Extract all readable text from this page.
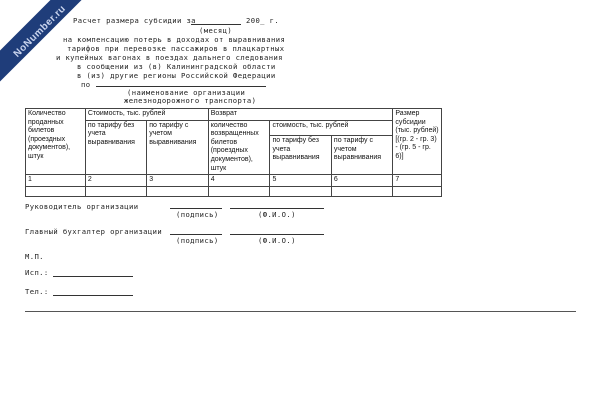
NoNumber.ru Расчет размера субсидии за	200_ г.
(месяц)
на компенсацию потерь в доходах от выравнивания
тарифов при перевозке пассажиров в плацкартных
и купейных вагонах в поездах дальнего следования
в сообщении из (в) Калининградской области
в (из) другие регионы Российской Федерации
по
(наименование организации
железнодорожного транспорта)
Количество проданных билетов (проездных документов), штук	Стоимость, тыс. рублей		Возврат			Размер субсидии (тыс. рублей) [(гр. 2 - гр. 3) - (гр. 5 - гр. 6)]
	по тарифу без учета выравнивания	по тарифу с учетом выравнивания	количество возвращенных билетов (проездных документов), штук	стоимость, тыс. рублей		
				по тарифу без учета выравнивания	по тарифу с учетом выравнивания	
1	2	3	4	5	6	7

Руководитель организации
(подпись)	(Ф.И.О.)
Главный бухгалтер организации
(подпись)	(Ф.И.О.)
М.П.
Исп.:
Тел.:
